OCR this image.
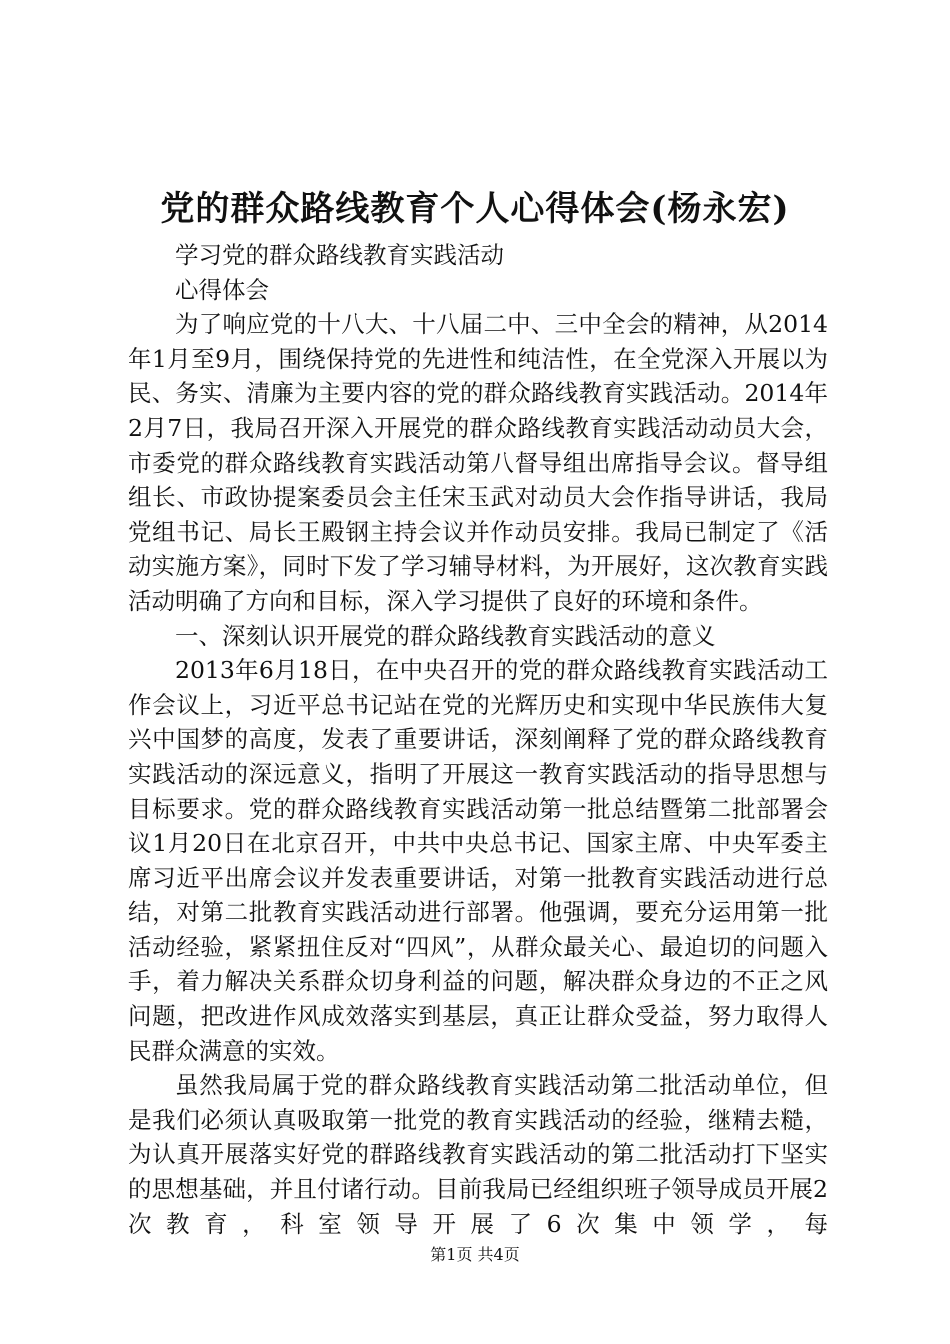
党的群众路线教育个人心得体会(杨永宏)

学习党的群众路线教育实践活动

心得体会

为了响应党的十八大、十八届二中、三中全会的精神，从2014年1月至9月，围绕保持党的先进性和纯洁性，在全党深入开展以为民、务实、清廉为主要内容的党的群众路线教育实践活动。2014年2月7日，我局召开深入开展党的群众路线教育实践活动动员大会，市委党的群众路线教育实践活动第八督导组出席指导会议。督导组组长、市政协提案委员会主任宋玉武对动员大会作指导讲话，我局党组书记、局长王殿钢主持会议并作动员安排。我局已制定了《活动实施方案》，同时下发了学习辅导材料，为开展好，这次教育实践活动明确了方向和目标，深入学习提供了良好的环境和条件。

一、深刻认识开展党的群众路线教育实践活动的意义

2013年6月18日，在中央召开的党的群众路线教育实践活动工作会议上，习近平总书记站在党的光辉历史和实现中华民族伟大复兴中国梦的高度，发表了重要讲话，深刻阐释了党的群众路线教育实践活动的深远意义，指明了开展这一教育实践活动的指导思想与目标要求。党的群众路线教育实践活动第一批总结暨第二批部署会议1月20日在北京召开，中共中央总书记、国家主席、中央军委主席习近平出席会议并发表重要讲话，对第一批教育实践活动进行总结，对第二批教育实践活动进行部署。他强调，要充分运用第一批活动经验，紧紧扭住反对“四风”，从群众最关心、最迫切的问题入手，着力解决关系群众切身利益的问题，解决群众身边的不正之风问题，把改进作风成效落实到基层，真正让群众受益，努力取得人民群众满意的实效。

虽然我局属于党的群众路线教育实践活动第二批活动单位，但是我们必须认真吸取第一批党的教育实践活动的经验，继精去糙，为认真开展落实好党的群路线教育实践活动的第二批活动打下坚实的思想基础，并且付诸行动。目前我局已经组织班子领导成员开展2次教育，科室领导开展了6次集中领学，每

第1页 共4页
